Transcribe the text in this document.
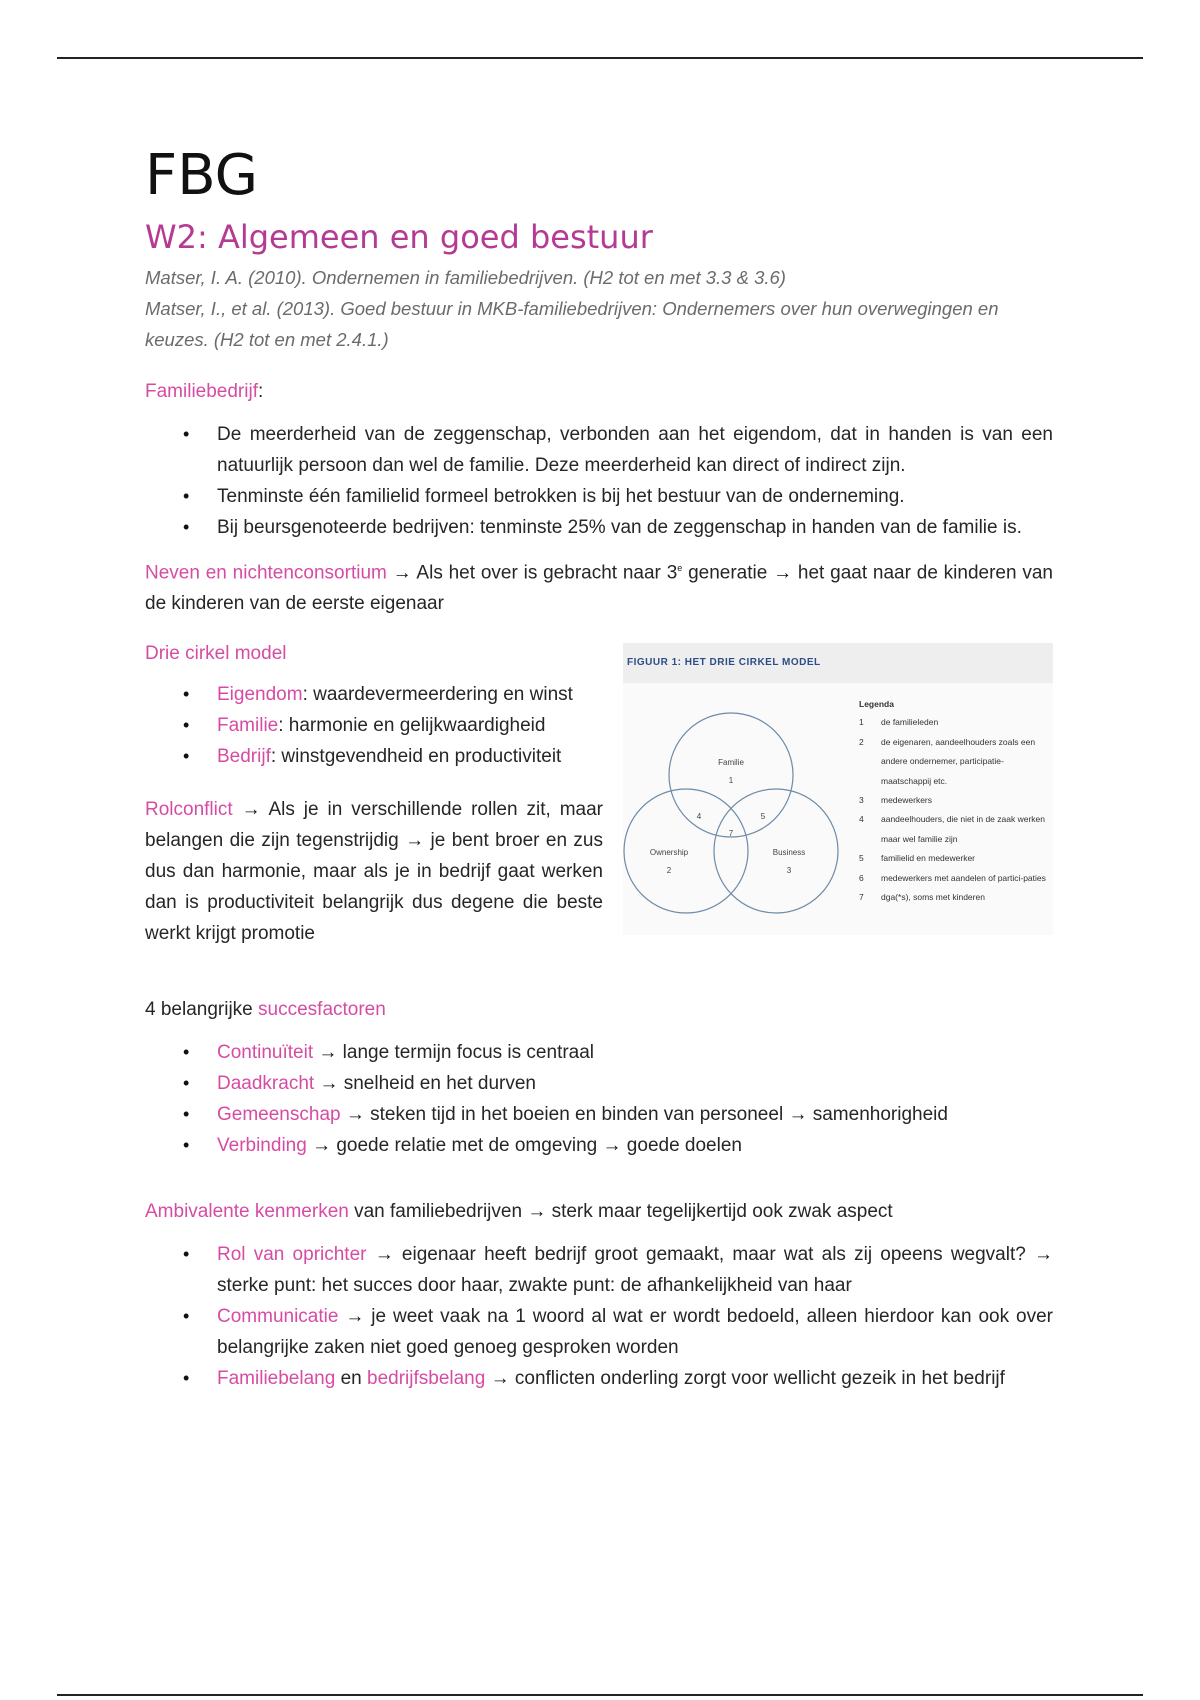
FBG
W2: Algemeen en goed bestuur

Matser, I. A. (2010). Ondernemen in familiebedrijven. (H2 tot en met 3.3 & 3.6)

Matser, I., et al. (2013). Goed bestuur in MKB-familiebedrijven: Ondernemers over hun overwegingen en keuzes. (H2 tot en met 2.4.1.)

Familiebedrijf:
• De meerderheid van de zeggenschap, verbonden aan het eigendom, dat in handen is van een natuurlijk persoon dan wel de familie. Deze meerderheid kan direct of indirect zijn.
• Tenminste één familielid formeel betrokken is bij het bestuur van de onderneming.
• Bij beursgenoteerde bedrijven: tenminste 25% van de zeggenschap in handen van de familie is.
Neven en nichtenconsortium → Als het over is gebracht naar 3e generatie → het gaat naar de kinderen van de kinderen van de eerste eigenaar
Drie cirkel model
• Eigendom: waardevermeerdering en winst
• Familie: harmonie en gelijkwaardigheid
• Bedrijf: winstgevendheid en productiviteit
Rolconflict → Als je in verschillende rollen zit, maar belangen die zijn tegenstrijdig → je bent broer en zus dus dan harmonie, maar als je in bedrijf gaat werken dan is productiviteit belangrijk dus degene die beste werkt krijgt promotie
FIGUUR 1: HET DRIE CIRKEL MODEL
Familie
1
Ownership
2
Business
3
4	5
7
Legenda
1	de familieleden
2	de eigenaren, aandeelhouders zoals een andere ondernemer, participatie-maatschappij etc.
3	medewerkers
4	aandeelhouders, die niet in de zaak werken maar wel familie zijn
5	familielid en medewerker
6	medewerkers met aandelen of partici-paties
7	dga(*s), soms met kinderen
4 belangrijke succesfactoren
• Continuïteit → lange termijn focus is centraal
• Daadkracht → snelheid en het durven
• Gemeenschap → steken tijd in het boeien en binden van personeel → samenhorigheid
• Verbinding → goede relatie met de omgeving → goede doelen
Ambivalente kenmerken van familiebedrijven → sterk maar tegelijkertijd ook zwak aspect
• Rol van oprichter → eigenaar heeft bedrijf groot gemaakt, maar wat als zij opeens wegvalt? → sterke punt: het succes door haar, zwakte punt: de afhankelijkheid van haar
• Communicatie → je weet vaak na 1 woord al wat er wordt bedoeld, alleen hierdoor kan ook over belangrijke zaken niet goed genoeg gesproken worden
• Familiebelang en bedrijfsbelang → conflicten onderling zorgt voor wellicht gezeik in het bedrijf
